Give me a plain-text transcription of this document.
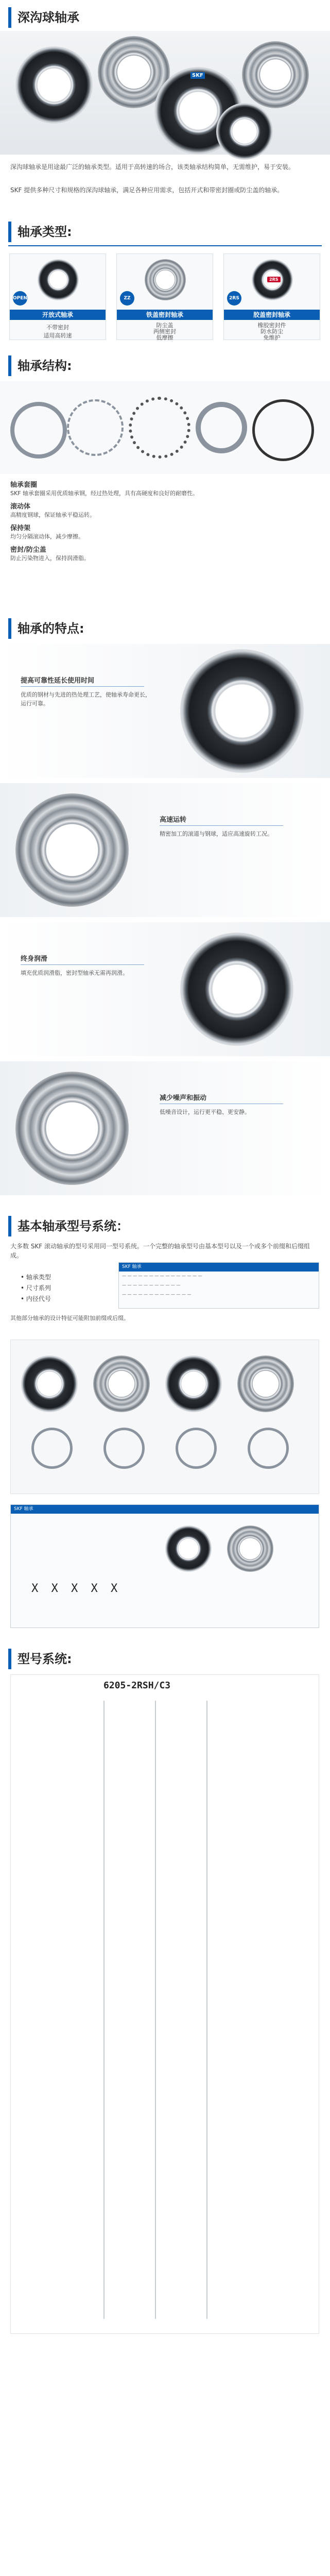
深沟球轴承
SKF
深沟球轴承是用途最广泛的轴承类型。适用于高转速的场合，该类轴承结构简单，无需维护，易于安装。
SKF 提供多种尺寸和规格的深沟球轴承，满足各种应用需求，包括开式和带密封圈或防尘盖的轴承。
轴承类型:
OPEN
开放式轴承
不带密封
适用高转速
ZZ
铁盖密封轴承
防尘盖
两侧密封
低摩擦
2RS
2RS
胶盖密封轴承
橡胶密封件
防水防尘
免维护
轴承结构:
轴承套圈
SKF 轴承套圈采用优质轴承钢，经过热处理，具有高硬度和良好的耐磨性。
滚动体
高精度钢球，保证轴承平稳运转。
保持架
均匀分隔滚动体，减少摩擦。
密封/防尘盖
防止污染物进入，保持润滑脂。
轴承的特点:
提高可靠性延长使用时间
优质的钢材与先进的热处理工艺，使轴承寿命更长，运行可靠。
高速运转
精密加工的滚道与钢球，适应高速旋转工况。
终身润滑
填充优质润滑脂，密封型轴承无需再润滑。
减少噪声和振动
低噪音设计，运行更平稳、更安静。
基本轴承型号系统：
大多数 SKF 滚动轴承的型号采用同一型号系统。一个完整的轴承型号由基本型号以及一个或多个前缀和后缀组成。
• 轴承类型
• 尺寸系列
• 内径代号
其他部分轴承的设计特征可能附加前缀或后缀。
SKF 轴承
— — — — — — — — — — — — — — —
— — — — — — — — — — —
— — — — — — — — — — — — —
SKF 轴承
X X X X X
型号系统:
6205-2RSH/C3
